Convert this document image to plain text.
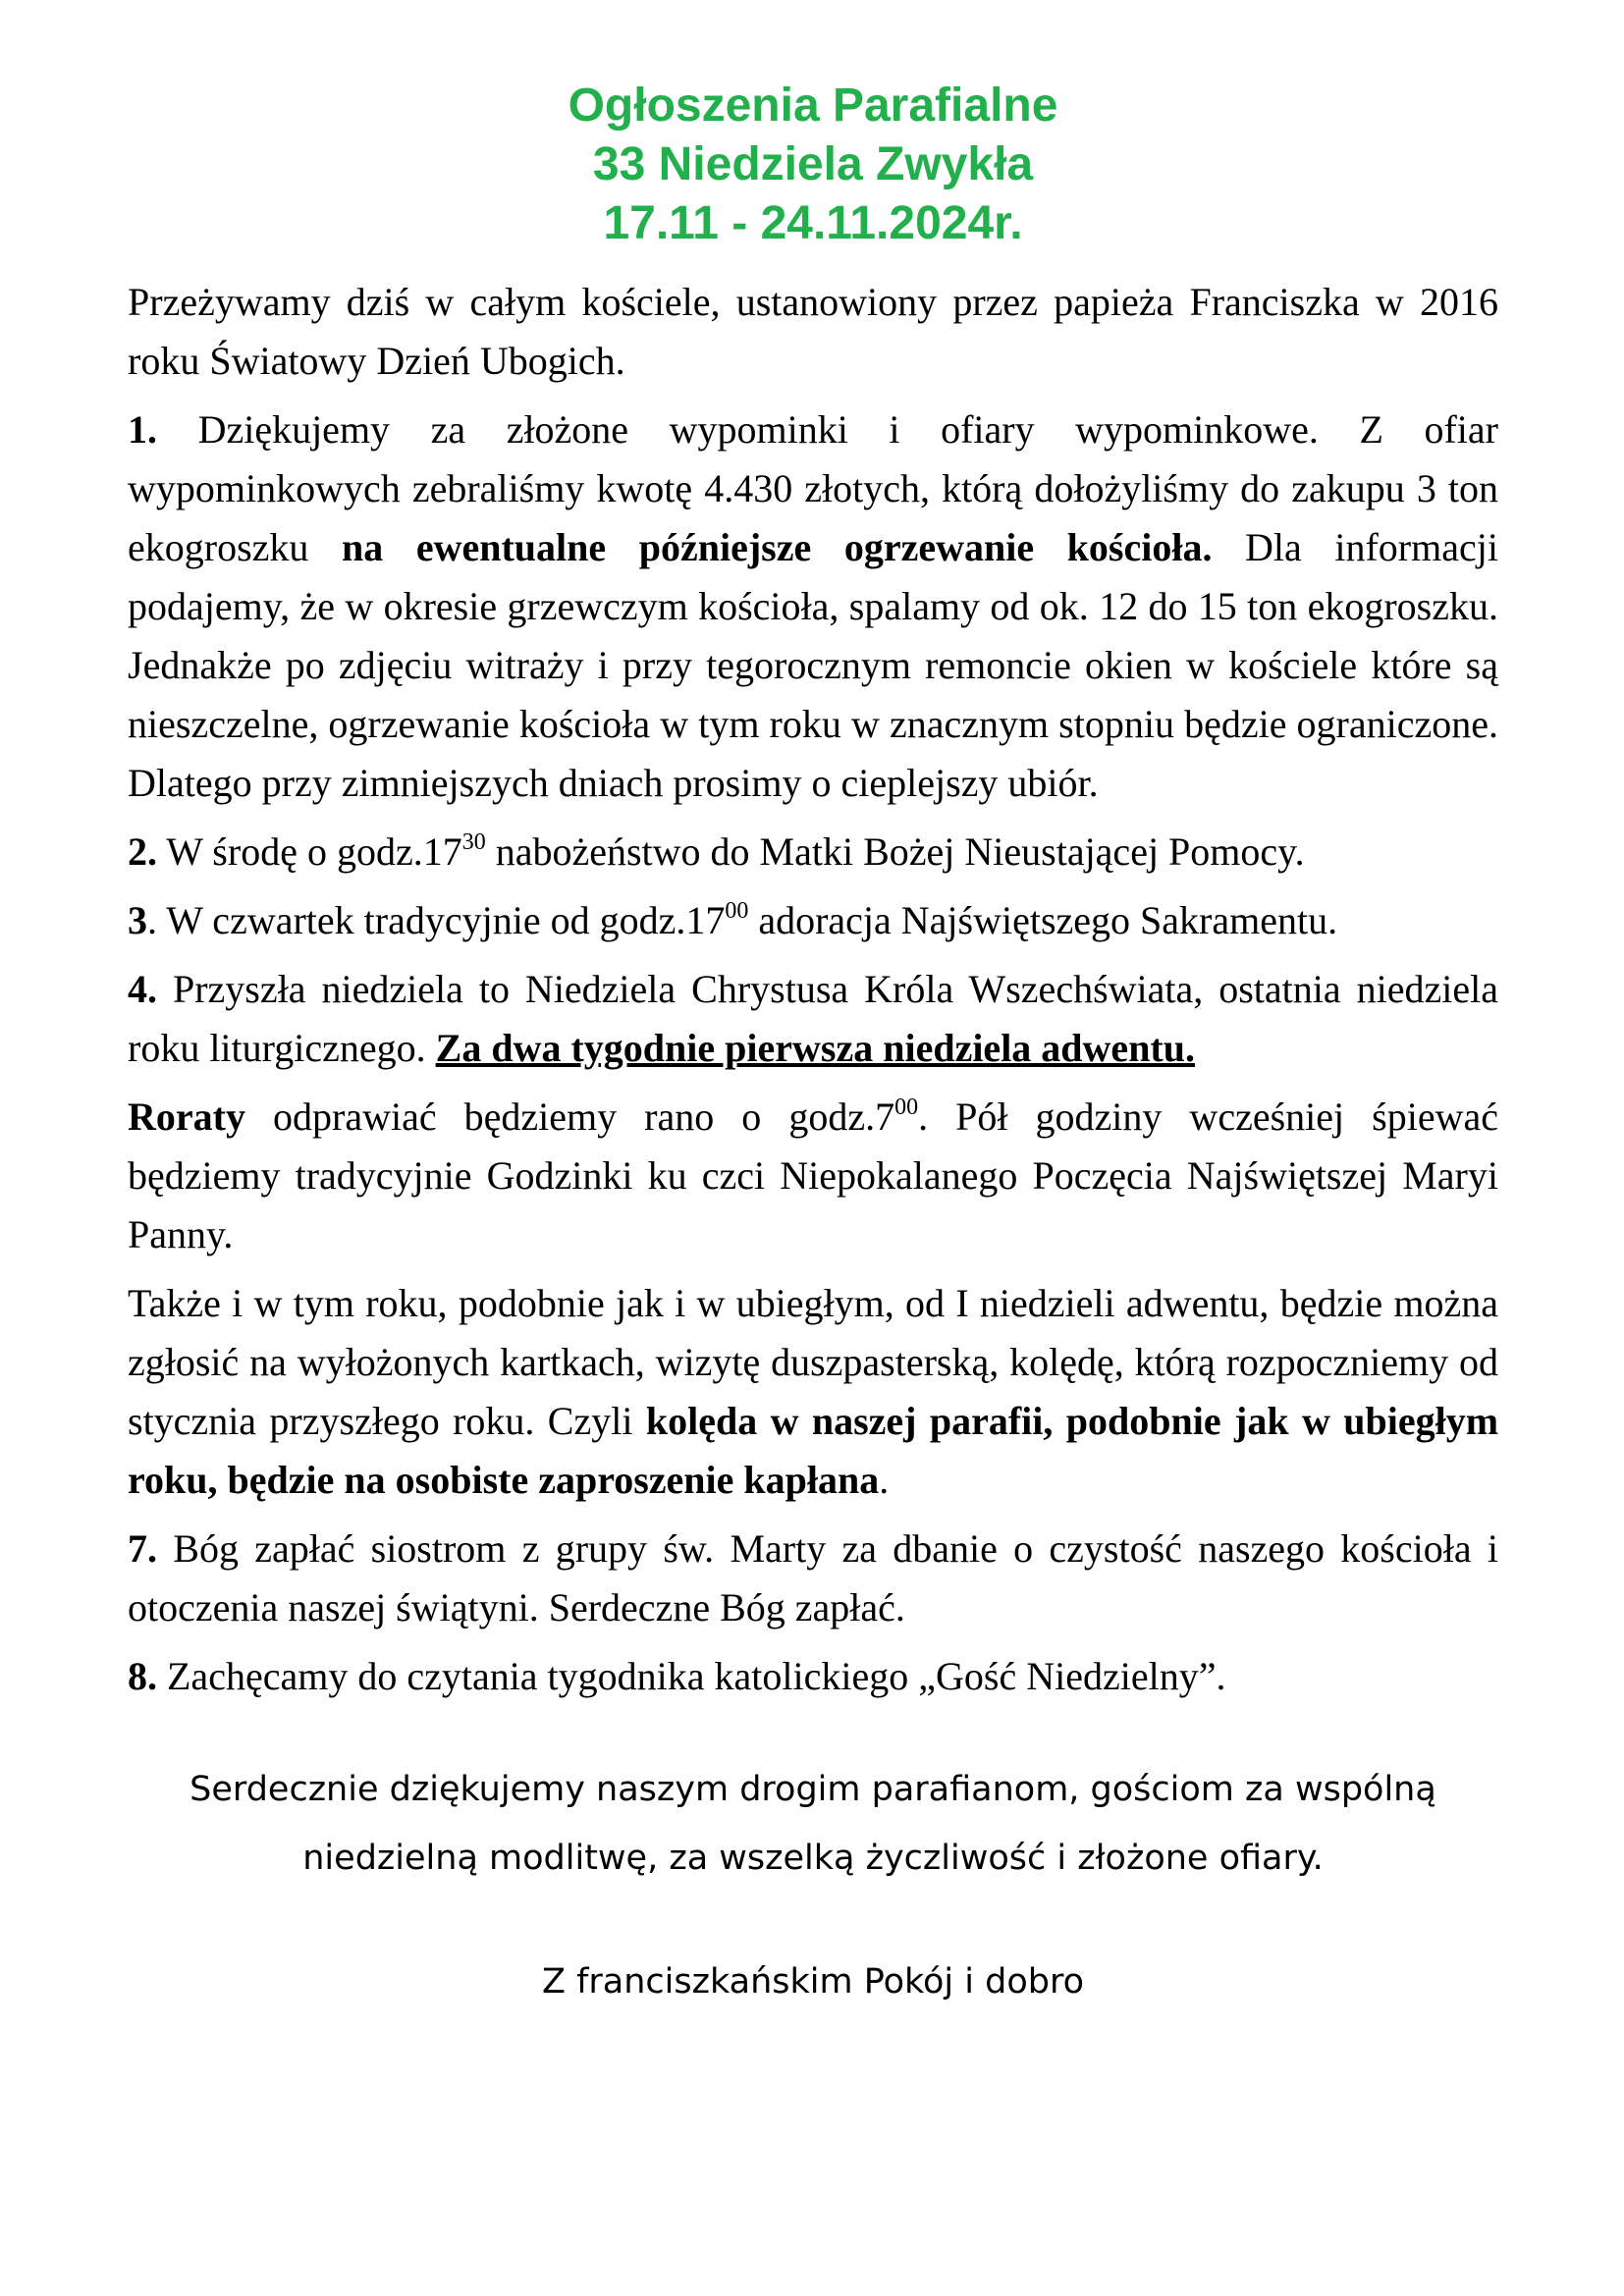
Ogłoszenia Parafialne
33 Niedziela Zwykła
17.11 - 24.11.2024r.

Przeżywamy dziś w całym kościele, ustanowiony przez papieża Franciszka w 2016 roku Światowy Dzień Ubogich.

1. Dziękujemy za złożone wypominki i ofiary wypominkowe. Z ofiar wypominkowych zebraliśmy kwotę 4.430 złotych, którą dołożyliśmy do zakupu 3 ton ekogroszku na ewentualne późniejsze ogrzewanie kościoła. Dla informacji podajemy, że w okresie grzewczym kościoła, spalamy od ok. 12 do 15 ton ekogroszku. Jednakże po zdjęciu witraży i przy tegorocznym remoncie okien w kościele które są nieszczelne, ogrzewanie kościoła w tym roku w znacznym stopniu będzie ograniczone. Dlatego przy zimniejszych dniach prosimy o cieplejszy ubiór.

2. W środę o $godz.17^{30}$ nabożeństwo do Matki Bożej Nieustającej Pomocy.

3. W czwartek tradycyjnie od $godz.17^{00}$ adoracja Najświętszego Sakramentu.

4. Przyszła niedziela to Niedziela Chrystusa Króla Wszechświata, ostatnia niedziela roku liturgicznego. Za dwa tygodnie pierwsza niedziela adwentu.

Roraty odprawiać będziemy rano o $godz.7^{00}$. Pół godziny wcześniej śpiewać będziemy tradycyjnie Godzinki ku czci Niepokalanego Poczęcia Najświętszej Maryi Panny.

Także i w tym roku, podobnie jak i w ubiegłym, od I niedzieli adwentu, będzie można zgłosić na wyłożonych kartkach, wizytę duszpasterską, kolędę, którą rozpoczniemy od stycznia przyszłego roku. Czyli kolęda w naszej parafii, podobnie jak w ubiegłym roku, będzie na osobiste zaproszenie kapłana.

7. Bóg zapłać siostrom z grupy św. Marty za dbanie o czystość naszego kościoła i otoczenia naszej świątyni. Serdeczne Bóg zapłać.

8. Zachęcamy do czytania tygodnika katolickiego „Gość Niedzielny”.

Serdecznie dziękujemy naszym drogim parafianom, gościom za wspólną
niedzielną modlitwę, za wszelką życzliwość i złożone ofiary.
Z franciszkańskim Pokój i dobro
